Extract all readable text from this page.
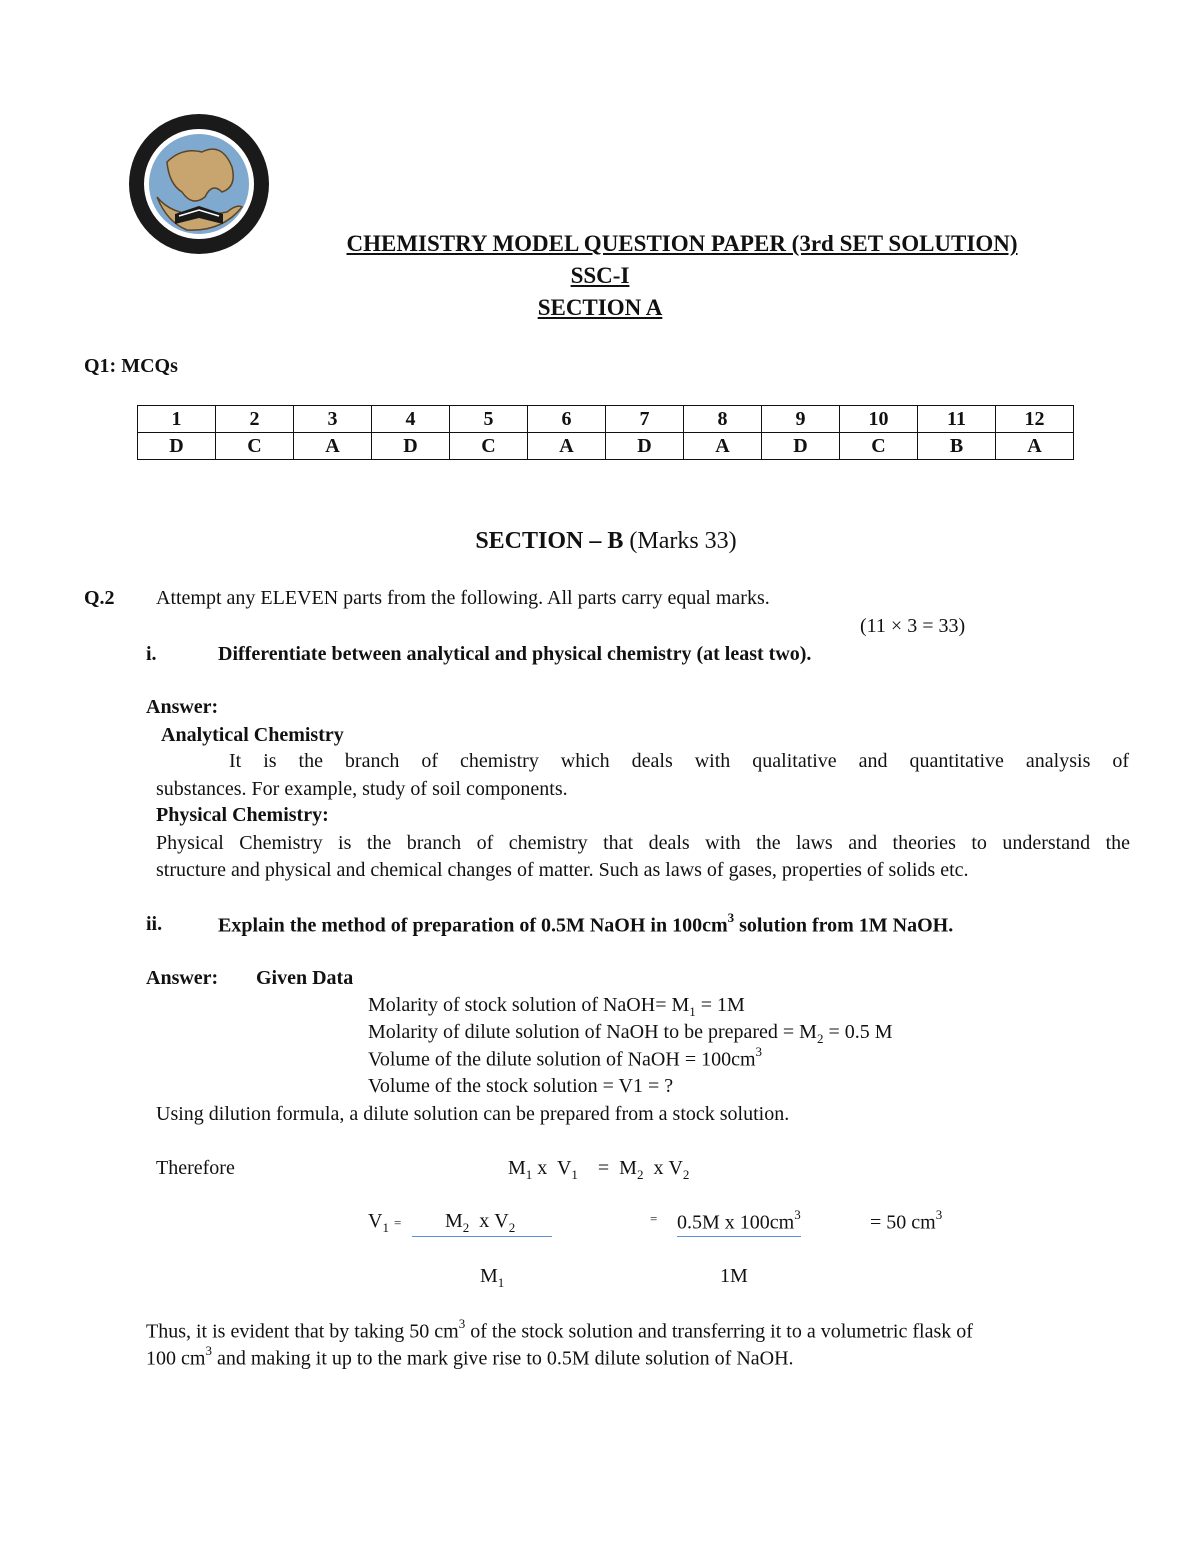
CHEMISTRY MODEL QUESTION PAPER (3rd SET SOLUTION)
SSC-I
SECTION A
Q1: MCQs
1	2	3	4	5	6	7	8	9	10	11	12
D	C	A	D	C	A	D	A	D	C	B	A
SECTION – B (Marks 33)
Q.2 Attempt any ELEVEN parts from the following. All parts carry equal marks.
(11 × 3 = 33)
i.	Differentiate between analytical and physical chemistry (at least two).
Answer:
Analytical Chemistry
It is the branch of chemistry which deals with qualitative and quantitative analysis of
substances. For example, study of soil components.
Physical Chemistry:
Physical Chemistry is the branch of chemistry that deals with the laws and theories to understand the
structure and physical and chemical changes of matter. Such as laws of gases, properties of solids etc.
ii.	Explain the method of preparation of 0.5M NaOH in $100cm^3$ solution from 1M NaOH.
Answer: Given Data
Molarity of stock solution of NaOH= $M_1 = 1M$
Molarity of dilute solution of NaOH to be prepared = $M_2 = 0.5$ M
Volume of the dilute solution of NaOH = $100cm^3$
Volume of the stock solution = V1 = ?
Using dilution formula, a dilute solution can be prepared from a stock solution.
Therefore	$M_1$ x $V_1 = M_2$ x $V_2$
$V_1$ =	$M_2$ x $V_2$
= 0.5M x $100cm^3$	= 50 $cm^3$
$M_1$	1M
Thus, it is evident that by taking 50 $cm^3$ of the stock solution and transferring it to a volumetric flask of
100 $cm^3$ and making it up to the mark give rise to 0.5M dilute solution of NaOH.
